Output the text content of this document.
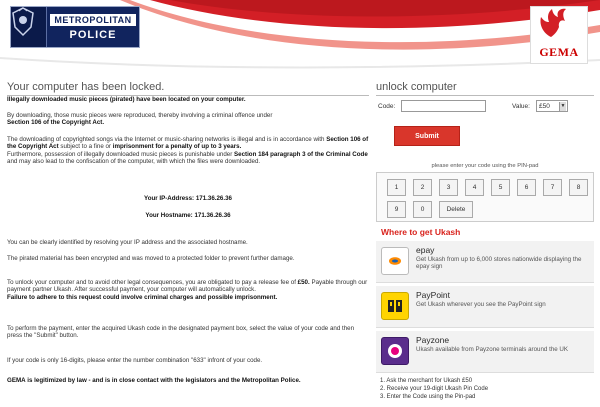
METROPOLITAN
POLICE
GEMA
Your computer has been locked.
Illegally downloaded music pieces (pirated) have been located on your computer.
By downloading, those music pieces were reproduced, thereby involving a criminal offence under
Section 106 of the Copyright Act.
The downloading of copyrighted songs via the Internet or music-sharing networks is illegal and is in accordance with Section 106 of the Copyright Act subject to a fine or imprisonment for a penalty of up to 3 years.
Furthermore, possession of illegally downloaded music pieces is punishable under Section 184 paragraph 3 of the Criminal Code and may also lead to the confiscation of the computer, with which the files were downloaded.
Your IP-Address: 171.36.26.36
Your Hostname: 171.36.26.36
You can be clearly identified by resolving your IP address and the associated hostname.
The pirated material has been encrypted and was moved to a protected folder to prevent further damage.
To unlock your computer and to avoid other legal consequences, you are obligated to pay a release fee of £50. Payable through our payment partner Ukash. After successful payment, your computer will automatically unlock.
Failure to adhere to this request could involve criminal charges and possible imprisonment.
To perform the payment, enter the acquired Ukash code in the designated payment box, select the value of your code and then press the "Submit" button.
If your code is only 16-digits, please enter the number combination "633" infront of your code.
GEMA is legitimized by law - and is in close contact with the legislators and the Metropolitan Police.
unlock computer
Code:	Value:	£50	▼
Submit
please enter your code using the PIN-pad
1	2	3	4	5	6	7	8
9	0	Delete
Where to get Ukash
epay
Get Ukash from up to 6,000 stores nationwide displaying the epay sign
PayPoint
Get Ukash wherever you see the PayPoint sign
Payzone
Ukash available from Payzone terminals around the UK
1. Ask the merchant for Ukash £50
2. Receive your 19-digit Ukash Pin Code
3. Enter the Code using the Pin-pad
